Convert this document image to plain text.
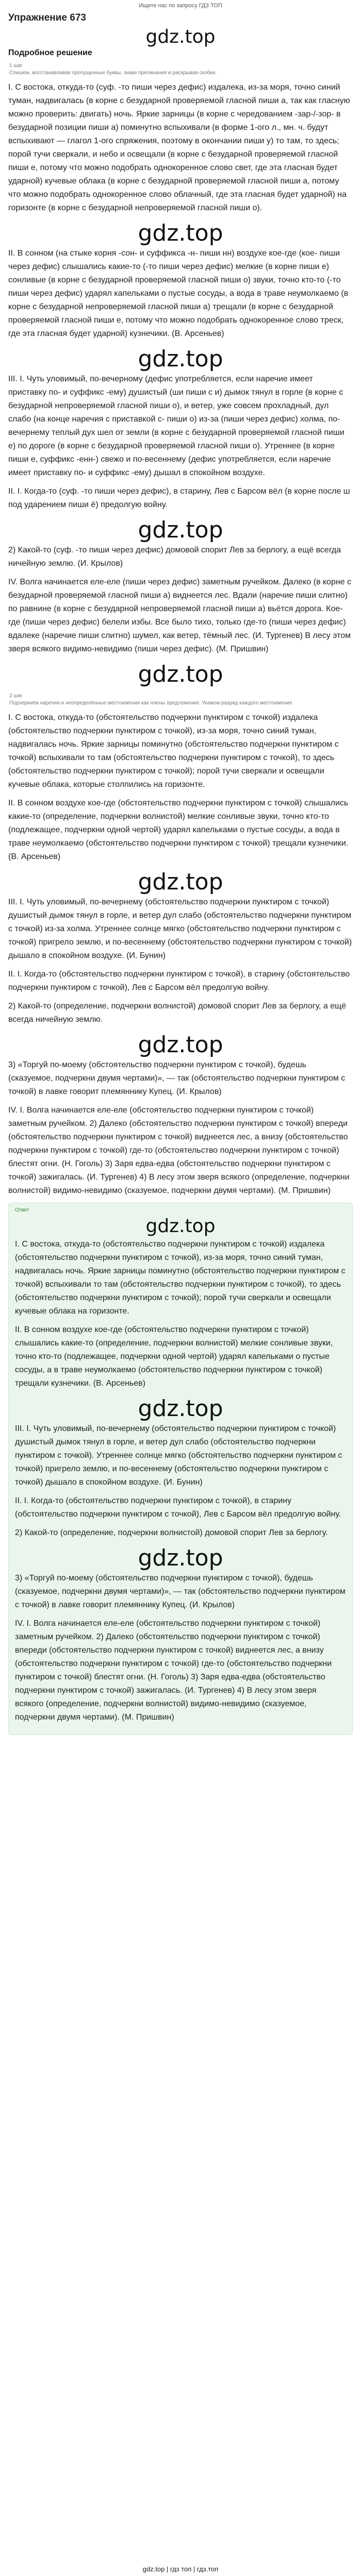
Ищите нас по запросу ГДЗ ТОП
Упражнение 673
gdz.top
Подробное решение
1 шаг
Спишем, восстанавливая пропущенные буквы, знаки препинания и раскрывая скобки.

I. С востока, откуда-то (суф. -то пиши через дефис) издалека, из-за моря, точно синий туман, надвигалась (в корне с безударной проверяемой гласной пиши а, так как гласную можно проверить: двигать) ночь. Яркие зарницы (в корне с чередованием -зар-/-зор- в безударной позиции пиши а) поминутно вспыхивали (в форме 1-ого л., мн. ч. будут вспыхивают — глагол 1-ого спряжения, поэтому в окончании пиши у) то там, то здесь; порой тучи сверкали, и небо и освещали (в корне с безударной проверяемой гласной пиши е, потому что можно подобрать однокоренное слово свет, где эта гласная будет ударной) кучевые облака (в корне с безударной проверяемой гласной пиши а, потому что можно подобрать однокоренное слово облачный, где эта гласная будет ударной) на горизонте (в корне с безударной непроверяемой гласной пиши о).

gdz.top

II. В сонном (на стыке корня -сон- и суффикса -н- пиши нн) воздухе кое-где (кое- пиши через дефис) слышались какие-то (-то пиши через дефис) мелкие (в корне пиши е) сонливые (в корне с безударной проверяемой гласной пиши о) звуки, точно кто-то (-то пиши через дефис) ударял капельками о пустые сосуды, а вода в траве неумолкаемо (в корне с безударной непроверяемой гласной пиши а) трещали (в корне с безударной проверяемой гласной пиши е, потому что можно подобрать однокоренное слово треск, где эта гласная будет ударной) кузнечики. (В. Арсеньев)

gdz.top

III. I. Чуть уловимый, по-вечерному (дефис употребляется, если наречие имеет приставку по- и суффикс -ему) душистый (ши пиши с и) дымок тянул в горле (в корне с безударной непроверяемой гласной пиши о), и ветер, уже совсем прохладный, дул слабо (на конце наречия с приставкой с- пиши о) из-за (пиши через дефис) холма, по-вечернему теплый дух шел от земли (в корне с безударной проверяемой гласной пиши е) по дороге (в корне с безударной проверяемой гласной пиши о). Утреннее (в корне пиши е, суффикс -енн-) свежо и по-весеннему (дефис употребляется, если наречие имеет приставку по- и суффикс -ему) дышал в спокойном воздухе.

II. I. Когда-то (суф. -то пиши через дефис), в старину, Лев с Барсом вёл (в корне после ш под ударением пиши ё) предолгую войну.

gdz.top

2) Какой-то (суф. -то пиши через дефис) домовой спорит Лев за берлогу, а ещё всегда ничейную землю. (И. Крылов)

IV. Волга начинается еле-еле (пиши через дефис) заметным ручейком. Далеко (в корне с безударной проверяемой гласной пиши а) виднеется лес. Вдали (наречие пиши слитно) по равнине (в корне с безударной непроверяемой гласной пиши а) вьётся дорога. Кое-где (пиши через дефис) белели избы. Все было тихо, только где-то (пиши через дефис) вдалеке (наречие пиши слитно) шумел, как ветер, тёмный лес. (И. Тургенев) В лесу этом зверя всякого видимо-невидимо (пиши через дефис). (М. Пришвин)

gdz.top
2 шаг
Подчеркнём наречия и неопределённые местоимения как члены предложения. Укажем разряд каждого местоимения.

I. С востока, откуда-то (обстоятельство подчеркни пунктиром с точкой) издалека (обстоятельство подчеркни пунктиром с точкой), из-за моря, точно синий туман, надвигалась ночь. Яркие зарницы поминутно (обстоятельство подчеркни пунктиром с точкой) вспыхивали то там (обстоятельство подчеркни пунктиром с точкой), то здесь (обстоятельство подчеркни пунктиром с точкой); порой тучи сверкали и освещали кучевые облака, которые столпились на горизонте.

II. В сонном воздухе кое-где (обстоятельство подчеркни пунктиром с точкой) слышались какие-то (определение, подчеркни волнистой) мелкие сонливые звуки, точно кто-то (подлежащее, подчеркни одной чертой) ударял капельками о пустые сосуды, а вода в траве неумолкаемо (обстоятельство подчеркни пунктиром с точкой) трещали кузнечики. (В. Арсеньев)

gdz.top

III. I. Чуть уловимый, по-вечернему (обстоятельство подчеркни пунктиром с точкой) душистый дымок тянул в горле, и ветер дул слабо (обстоятельство подчеркни пунктиром с точкой) из-за холма. Утреннее солнце мягко (обстоятельство подчеркни пунктиром с точкой) пригрело землю, и по-весеннему (обстоятельство подчеркни пунктиром с точкой) дышало в спокойном воздухе. (И. Бунин)

II. I. Когда-то (обстоятельство подчеркни пунктиром с точкой), в старину (обстоятельство подчеркни пунктиром с точкой), Лев с Барсом вёл предолгую войну.

2) Какой-то (определение, подчеркни волнистой) домовой спорит Лев за берлогу, а ещё всегда ничейную землю.

gdz.top

3) «Торгуй по-моему (обстоятельство подчеркни пунктиром с точкой), будешь (сказуемое, подчеркни двумя чертами)», — так (обстоятельство подчеркни пунктиром с точкой) в лавке говорит племяннику Купец. (И. Крылов)

IV. I. Волга начинается еле-еле (обстоятельство подчеркни пунктиром с точкой) заметным ручейком. 2) Далеко (обстоятельство подчеркни пунктиром с точкой) впереди (обстоятельство подчеркни пунктиром с точкой) виднеется лес, а внизу (обстоятельство подчеркни пунктиром с точкой) где-то (обстоятельство подчеркни пунктиром с точкой) блестят огни. (Н. Гоголь) 3) Заря едва-едва (обстоятельство подчеркни пунктиром с точкой) зажигалась. (И. Тургенев) 4) В лесу этом зверя всякого (определение, подчеркни волнистой) видимо-невидимо (сказуемое, подчеркни двумя чертами). (М. Пришвин)

Ответ
gdz.top

I. С востока, откуда-то (обстоятельство подчеркни пунктиром с точкой) издалека (обстоятельство подчеркни пунктиром с точкой), из-за моря, точно синий туман, надвигалась ночь. Яркие зарницы поминутно (обстоятельство подчеркни пунктиром с точкой) вспыхивали то там (обстоятельство подчеркни пунктиром с точкой), то здесь (обстоятельство подчеркни пунктиром с точкой); порой тучи сверкали и освещали кучевые облака на горизонте.

II. В сонном воздухе кое-где (обстоятельство подчеркни пунктиром с точкой) слышались какие-то (определение, подчеркни волнистой) мелкие сонливые звуки, точно кто-то (подлежащее, подчеркни одной чертой) ударял капельками о пустые сосуды, а в траве неумолкаемо (обстоятельство подчеркни пунктиром с точкой) трещали кузнечики. (В. Арсеньев)

gdz.top

III. I. Чуть уловимый, по-вечернему (обстоятельство подчеркни пунктиром с точкой) душистый дымок тянул в горле, и ветер дул слабо (обстоятельство подчеркни пунктиром с точкой). Утреннее солнце мягко (обстоятельство подчеркни пунктиром с точкой) пригрело землю, и по-весеннему (обстоятельство подчеркни пунктиром с точкой) дышало в спокойном воздухе. (И. Бунин)

II. I. Когда-то (обстоятельство подчеркни пунктиром с точкой), в старину (обстоятельство подчеркни пунктиром с точкой), Лев с Барсом вёл предолгую войну.

2) Какой-то (определение, подчеркни волнистой) домовой спорит Лев за берлогу.

gdz.top

3) «Торгуй по-моему (обстоятельство подчеркни пунктиром с точкой), будешь (сказуемое, подчеркни двумя чертами)», — так (обстоятельство подчеркни пунктиром с точкой) в лавке говорит племяннику Купец. (И. Крылов)

IV. I. Волга начинается еле-еле (обстоятельство подчеркни пунктиром с точкой) заметным ручейком. 2) Далеко (обстоятельство подчеркни пунктиром с точкой) впереди (обстоятельство подчеркни пунктиром с точкой) виднеется лес, а внизу (обстоятельство подчеркни пунктиром с точкой) где-то (обстоятельство подчеркни пунктиром с точкой) блестят огни. (Н. Гоголь) 3) Заря едва-едва (обстоятельство подчеркни пунктиром с точкой) зажигалась. (И. Тургенев) 4) В лесу этом зверя всякого (определение, подчеркни волнистой) видимо-невидимо (сказуемое, подчеркни двумя чертами). (М. Пришвин)

gdz.top | гдз топ | гдз.топ
